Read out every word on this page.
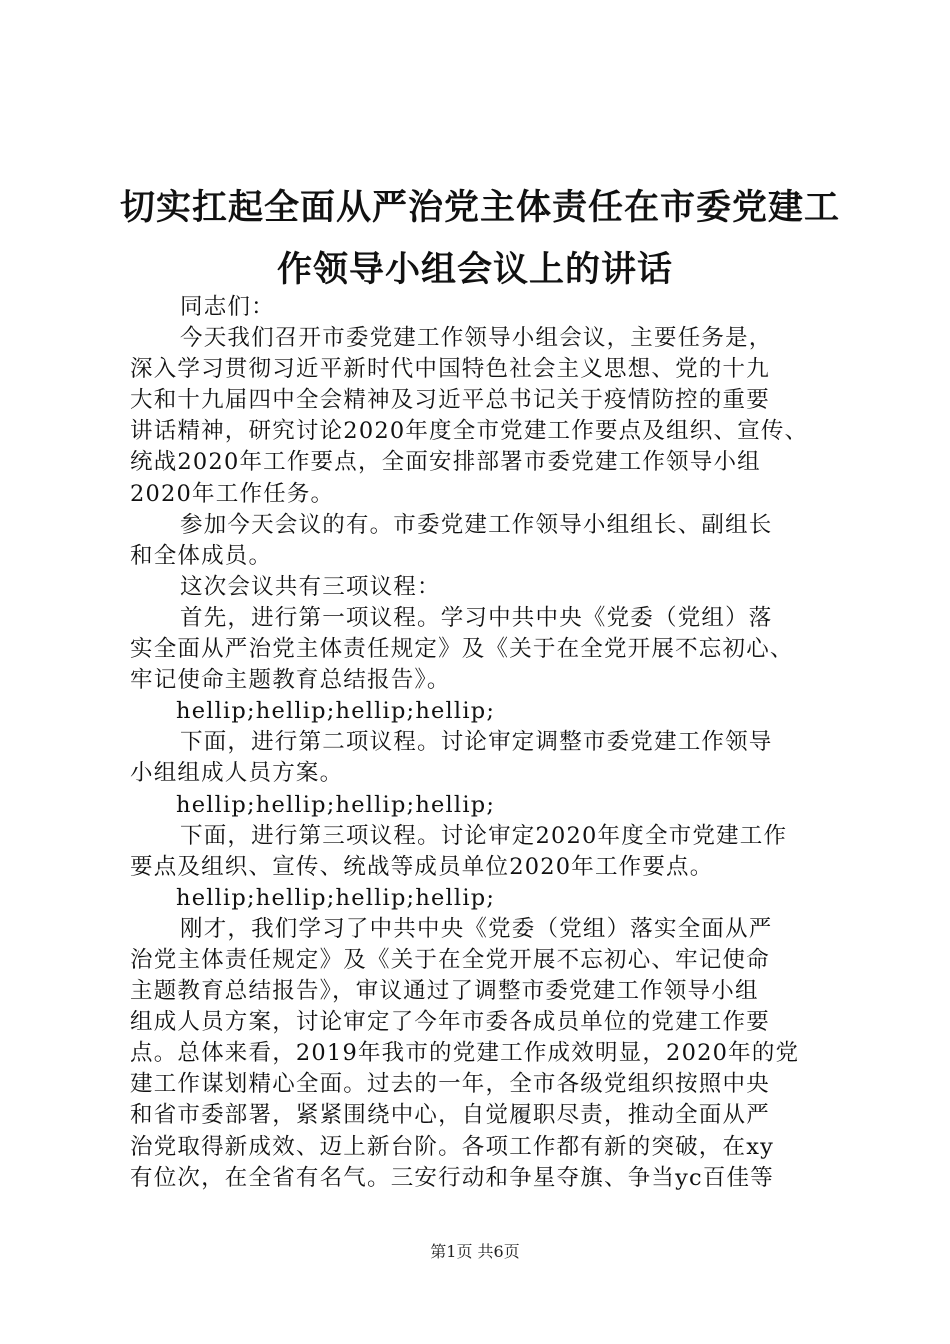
切实扛起全面从严治党主体责任在市委党建工
作领导小组会议上的讲话
同志们：
今天我们召开市委党建工作领导小组会议，主要任务是，
深入学习贯彻习近平新时代中国特色社会主义思想、党的十九
大和十九届四中全会精神及习近平总书记关于疫情防控的重要
讲话精神，研究讨论2020年度全市党建工作要点及组织、宣传、
统战2020年工作要点，全面安排部署市委党建工作领导小组
2020年工作任务。
参加今天会议的有。市委党建工作领导小组组长、副组长
和全体成员。
这次会议共有三项议程：
首先，进行第一项议程。学习中共中央《党委（党组）落
实全面从严治党主体责任规定》及《关于在全党开展不忘初心、
牢记使命主题教育总结报告》。
hellip;hellip;hellip;hellip;
下面，进行第二项议程。讨论审定调整市委党建工作领导
小组组成人员方案。
hellip;hellip;hellip;hellip;
下面，进行第三项议程。讨论审定2020年度全市党建工作
要点及组织、宣传、统战等成员单位2020年工作要点。
hellip;hellip;hellip;hellip;
刚才，我们学习了中共中央《党委（党组）落实全面从严
治党主体责任规定》及《关于在全党开展不忘初心、牢记使命
主题教育总结报告》，审议通过了调整市委党建工作领导小组
组成人员方案，讨论审定了今年市委各成员单位的党建工作要
点。总体来看，2019年我市的党建工作成效明显，2020年的党
建工作谋划精心全面。过去的一年，全市各级党组织按照中央
和省市委部署，紧紧围绕中心，自觉履职尽责，推动全面从严
治党取得新成效、迈上新台阶。各项工作都有新的突破，在xy
有位次，在全省有名气。三安行动和争星夺旗、争当yc百佳等
第1页 共6页
